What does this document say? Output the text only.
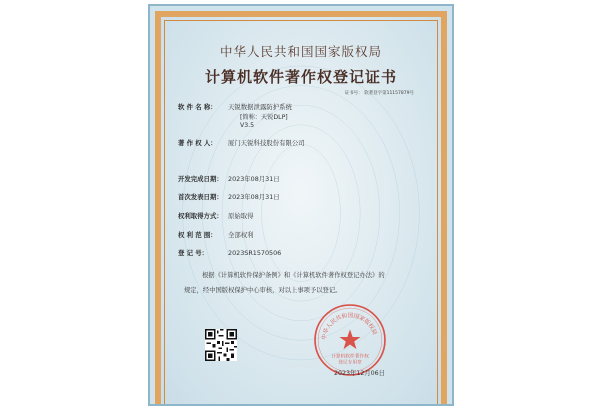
中华人民共和国国家版权局
计算机软件著作权登记证书
证书号： 软著登字第11157879号
软 件 名 称： 天锐数据泄露防护系统
[简称：天锐DLP]
V3.5
著 作 权 人： 厦门天锐科技股份有限公司
开发完成日期： 2023年08月31日
首次发表日期： 2023年08月31日
权利取得方式： 原始取得
权 利 范 围： 全部权利
登 记 号：	2023SR1570506
根据《计算机软件保护条例》和《计算机软件著作权登记办法》的
规定，经中国版权保护中心审核，对以上事项予以登记。
中华人民共和国国家版权局
计算机软件著作权
登记专用章
2023年12月06日
